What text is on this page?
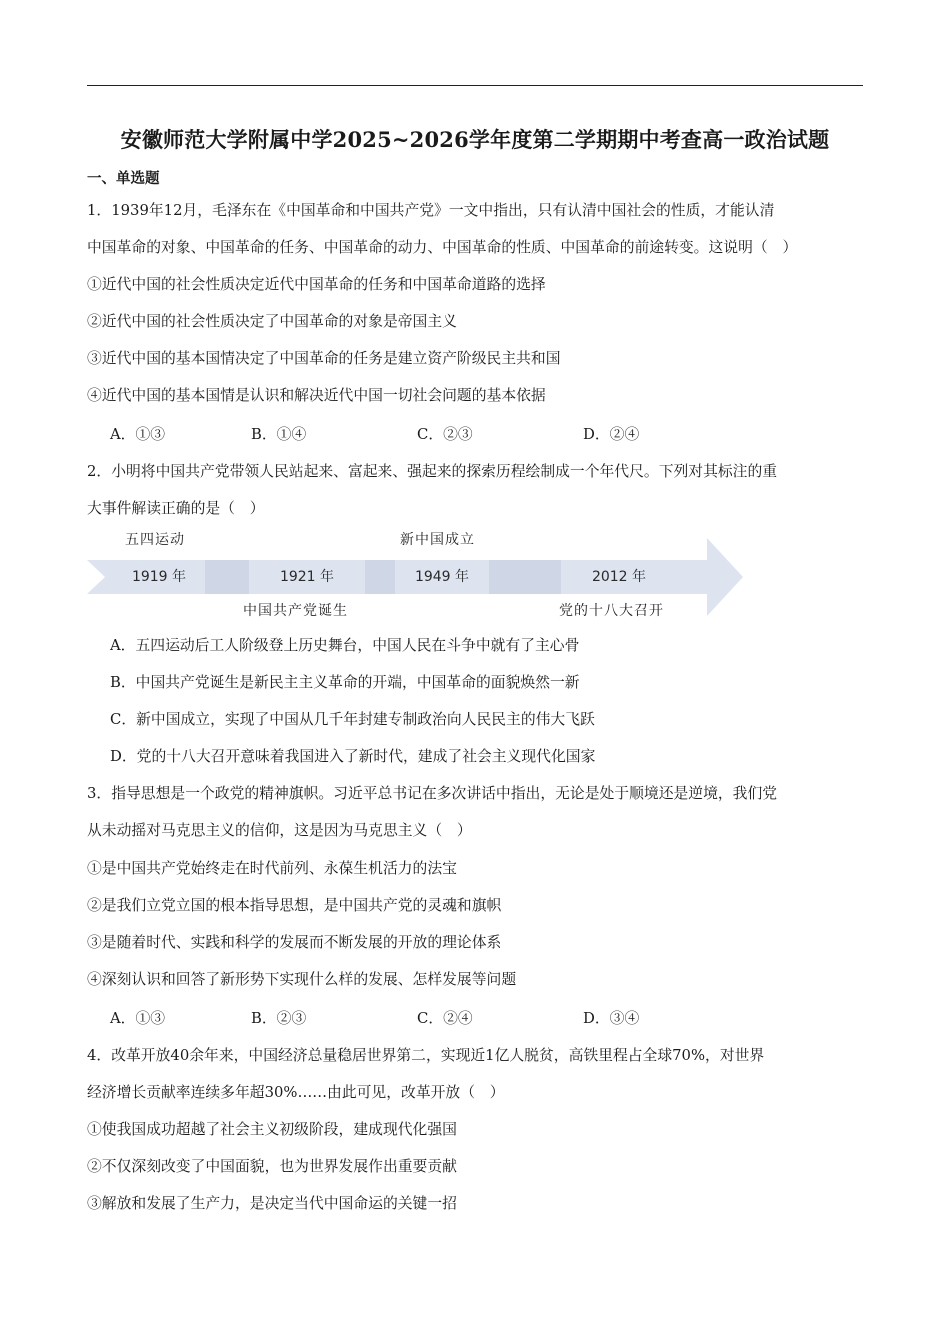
安徽师范大学附属中学2025~2026学年度第二学期期中考查高一政治试题
一、单选题
1．1939年12月，毛泽东在《中国革命和中国共产党》一文中指出，只有认清中国社会的性质，才能认清
中国革命的对象、中国革命的任务、中国革命的动力、中国革命的性质、中国革命的前途转变。这说明（　）
①近代中国的社会性质决定近代中国革命的任务和中国革命道路的选择
②近代中国的社会性质决定了中国革命的对象是帝国主义
③近代中国的基本国情决定了中国革命的任务是建立资产阶级民主共和国
④近代中国的基本国情是认识和解决近代中国一切社会问题的基本依据
A．①③	B．①④	C．②③	D．②④
2．小明将中国共产党带领人民站起来、富起来、强起来的探索历程绘制成一个年代尺。下列对其标注的重
大事件解读正确的是（　）
五四运动	新中国成立
1919 年	1921 年	1949 年	2012 年
中国共产党诞生	党的十八大召开
A．五四运动后工人阶级登上历史舞台，中国人民在斗争中就有了主心骨
B．中国共产党诞生是新民主主义革命的开端，中国革命的面貌焕然一新
C．新中国成立，实现了中国从几千年封建专制政治向人民民主的伟大飞跃
D．党的十八大召开意味着我国进入了新时代，建成了社会主义现代化国家
3．指导思想是一个政党的精神旗帜。习近平总书记在多次讲话中指出，无论是处于顺境还是逆境，我们党
从未动摇对马克思主义的信仰，这是因为马克思主义（　）
①是中国共产党始终走在时代前列、永葆生机活力的法宝
②是我们立党立国的根本指导思想，是中国共产党的灵魂和旗帜
③是随着时代、实践和科学的发展而不断发展的开放的理论体系
④深刻认识和回答了新形势下实现什么样的发展、怎样发展等问题
A．①③	B．②③	C．②④	D．③④
4．改革开放40余年来，中国经济总量稳居世界第二，实现近1亿人脱贫，高铁里程占全球70%，对世界
经济增长贡献率连续多年超30%……由此可见，改革开放（　）
①使我国成功超越了社会主义初级阶段，建成现代化强国
②不仅深刻改变了中国面貌，也为世界发展作出重要贡献
③解放和发展了生产力，是决定当代中国命运的关键一招
